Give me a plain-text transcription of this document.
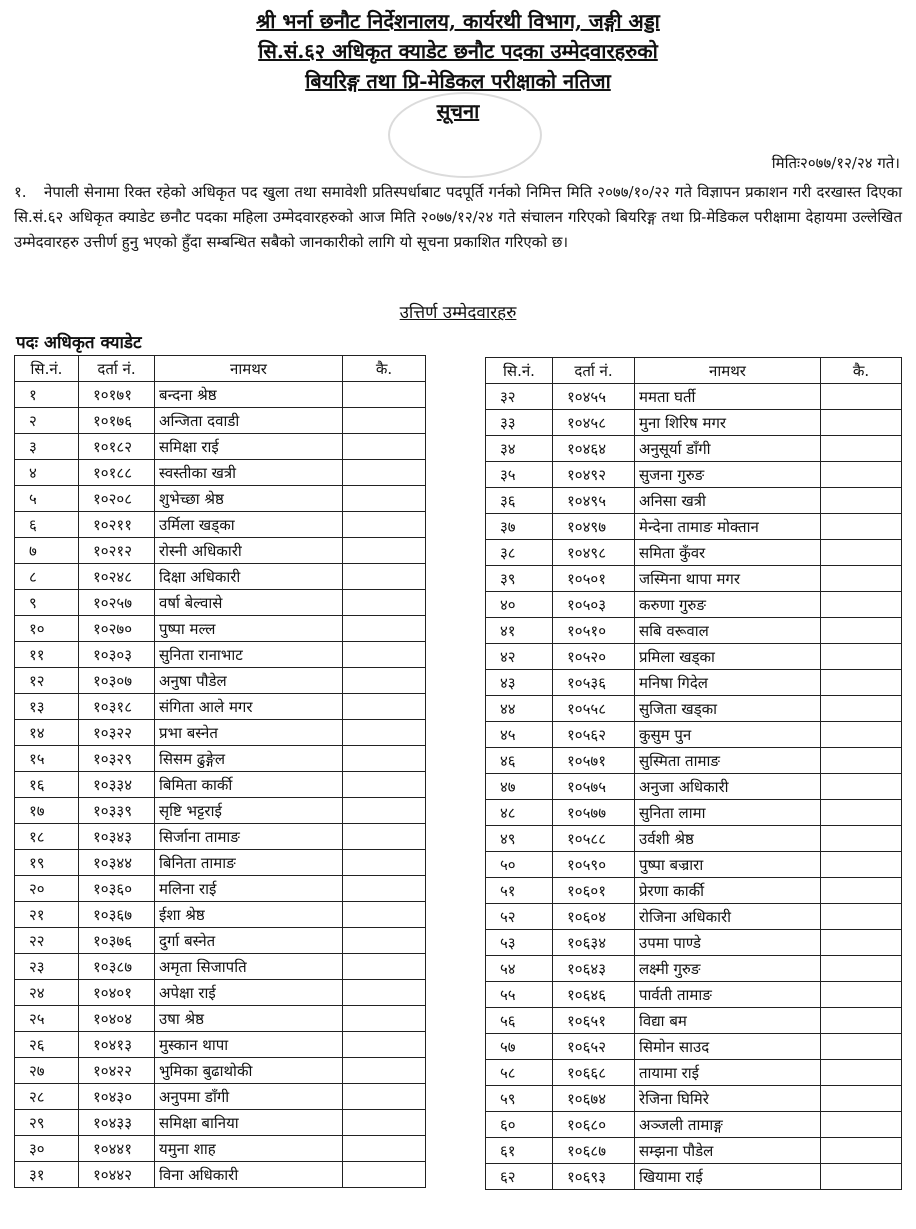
श्री भर्ना छनौट निर्देशनालय, कार्यरथी विभाग, जङ्गी अड्डा
सि.सं.६२ अधिकृत क्याडेट छनौट पदका उम्मेदवारहरुको
बियरिङ्ग तथा प्रि-मेडिकल परीक्षाको नतिजा
सूचना
मितिः२०७७/१२/२४ गते।
१. नेपाली सेनामा रिक्त रहेको अधिकृत पद खुला तथा समावेशी प्रतिस्पर्धाबाट पदपूर्ति गर्नको निमित्त मिति २०७७/१०/२२ गते विज्ञापन प्रकाशन गरी दरखास्त दिएका सि.सं.६२ अधिकृत क्याडेट छनौट पदका महिला उम्मेदवारहरुको आज मिति २०७७/१२/२४ गते संचालन गरिएको बियरिङ्ग तथा प्रि-मेडिकल परीक्षामा देहायमा उल्लेखित उम्मेदवारहरु उत्तीर्ण हुनु भएको हुँदा सम्बन्धित सबैको जानकारीको लागि यो सूचना प्रकाशित गरिएको छ।
उत्तिर्ण उम्मेदवारहरु
पदः अधिकृत क्याडेट
सि.नं.	दर्ता नं.	नामथर	कै.
१	१०१७१	बन्दना श्रेष्ठ	
२	१०१७६	अन्जिता दवाडी	
३	१०१८२	समिक्षा राई	
४	१०१८८	स्वस्तीका खत्री	
५	१०२०८	शुभेच्छा श्रेष्ठ	
६	१०२११	उर्मिला खड्का	
७	१०२१२	रोस्नी अधिकारी	
८	१०२४८	दिक्षा अधिकारी	
९	१०२५७	वर्षा बेल्वासे	
१०	१०२७०	पुष्पा मल्ल	
११	१०३०३	सुनिता रानाभाट	
१२	१०३०७	अनुषा पौडेल	
१३	१०३१८	संगिता आले मगर	
१४	१०३२२	प्रभा बस्नेत	
१५	१०३२९	सिसम ढुङ्गेल	
१६	१०३३४	बिमिता कार्की	
१७	१०३३९	सृष्टि भट्टराई	
१८	१०३४३	सिर्जाना तामाङ	
१९	१०३४४	बिनिता तामाङ	
२०	१०३६०	मलिना राई	
२१	१०३६७	ईशा श्रेष्ठ	
२२	१०३७६	दुर्गा बस्नेत	
२३	१०३८७	अमृता सिजापति	
२४	१०४०१	अपेक्षा राई	
२५	१०४०४	उषा श्रेष्ठ	
२६	१०४१३	मुस्कान थापा	
२७	१०४२२	भुमिका बुढाथोकी	
२८	१०४३०	अनुपमा डाँगी	
२९	१०४३३	समिक्षा बानिया	
३०	१०४४१	यमुना शाह	
३१	१०४४२	विना अधिकारी	
सि.नं.	दर्ता नं.	नामथर	कै.
३२	१०४५५	ममता घर्ती	
३३	१०४५८	मुना शिरिष मगर	
३४	१०४६४	अनुसूर्या डाँगी	
३५	१०४९२	सुजना गुरुङ	
३६	१०४९५	अनिसा खत्री	
३७	१०४९७	मेन्देना तामाङ मोक्तान	
३८	१०४९८	समिता कुँवर	
३९	१०५०१	जस्मिना थापा मगर	
४०	१०५०३	करुणा गुरुङ	
४१	१०५१०	सबि वरूवाल	
४२	१०५२०	प्रमिला खड्का	
४३	१०५३६	मनिषा गिदेल	
४४	१०५५८	सुजिता खड्का	
४५	१०५६२	कुसुम पुन	
४६	१०५७१	सुस्मिता तामाङ	
४७	१०५७५	अनुजा अधिकारी	
४८	१०५७७	सुनिता लामा	
४९	१०५८८	उर्वशी श्रेष्ठ	
५०	१०५९०	पुष्पा बज्रारा	
५१	१०६०१	प्रेरणा कार्की	
५२	१०६०४	रोजिना अधिकारी	
५३	१०६३४	उपमा पाण्डे	
५४	१०६४३	लक्ष्मी गुरुङ	
५५	१०६४६	पार्वती तामाङ	
५६	१०६५१	विद्या बम	
५७	१०६५२	सिमोन साउद	
५८	१०६६८	तायामा राई	
५९	१०६७४	रेजिना घिमिरे	
६०	१०६८०	अञ्जली तामाङ्ग	
६१	१०६८७	सम्झना पौडेल	
६२	१०६९३	खियामा राई	
